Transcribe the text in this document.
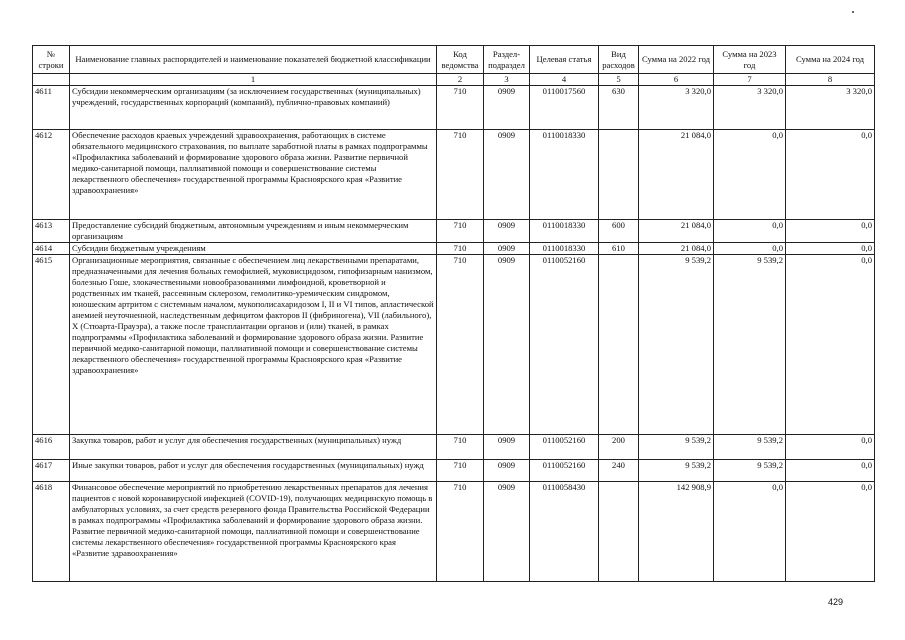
№ строки	Наименование главных распорядителей и наименование показателей бюджетной классификации	Код ведомства	Раздел-подраздел	Целевая статья	Вид расходов	Сумма на 2022 год	Сумма на 2023 год	Сумма на 2024 год
	1	2	3	4	5	6	7	8
4611	Субсидии некоммерческим организациям (за исключением государственных (муниципальных) учреждений, государственных корпораций (компаний), публично-правовых компаний)	710	0909	0110017560	630	3 320,0	3 320,0	3 320,0
4612	Обеспечение расходов краевых учреждений здравоохранения, работающих в системе обязательного медицинского страхования, по выплате заработной платы в рамках подпрограммы «Профилактика заболеваний и формирование здорового образа жизни. Развитие первичной медико-санитарной помощи, паллиативной помощи и совершенствование системы лекарственного обеспечения» государственной программы Красноярского края «Развитие здравоохранения»	710	0909	0110018330		21 084,0	0,0	0,0
4613	Предоставление субсидий бюджетным, автономным учреждениям и иным некоммерческим организациям	710	0909	0110018330	600	21 084,0	0,0	0,0
4614	Субсидии бюджетным учреждениям	710	0909	0110018330	610	21 084,0	0,0	0,0
4615	Организационные мероприятия, связанные с обеспечением лиц лекарственными препаратами, предназначенными для лечения больных гемофилией, муковисцидозом, гипофизарным нанизмом, болезнью Гоше, злокачественными новообразованиями лимфоидной, кроветворной и родственных им тканей, рассеянным склерозом, гемолитико-уремическим синдромом, юношеским артритом с системным началом, мукополисахаридозом I, II и VI типов, апластической анемией неуточненной, наследственным дефицитом факторов II (фибриногена), VII (лабильного), X (Стюарта-Прауэра), а также после трансплантации органов и (или) тканей, в рамках подпрограммы «Профилактика заболеваний и формирование здорового образа жизни. Развитие первичной медико-санитарной помощи, паллиативной помощи и совершенствование системы лекарственного обеспечения» государственной программы Красноярского края «Развитие здравоохранения»	710	0909	0110052160		9 539,2	9 539,2	0,0
4616	Закупка товаров, работ и услуг для обеспечения государственных (муниципальных) нужд	710	0909	0110052160	200	9 539,2	9 539,2	0,0
4617	Иные закупки товаров, работ и услуг для обеспечения государственных (муниципальных) нужд	710	0909	0110052160	240	9 539,2	9 539,2	0,0
4618	Финансовое обеспечение мероприятий по приобретению лекарственных препаратов для лечения пациентов с новой коронавирусной инфекцией (COVID-19), получающих медицинскую помощь в амбулаторных условиях, за счет средств резервного фонда Правительства Российской Федерации в рамках подпрограммы «Профилактика заболеваний и формирование здорового образа жизни. Развитие первичной медико-санитарной помощи, паллиативной помощи и совершенствование системы лекарственного обеспечения» государственной программы Красноярского края «Развитие здравоохранения»	710	0909	0110058430		142 908,9	0,0	0,0
429
